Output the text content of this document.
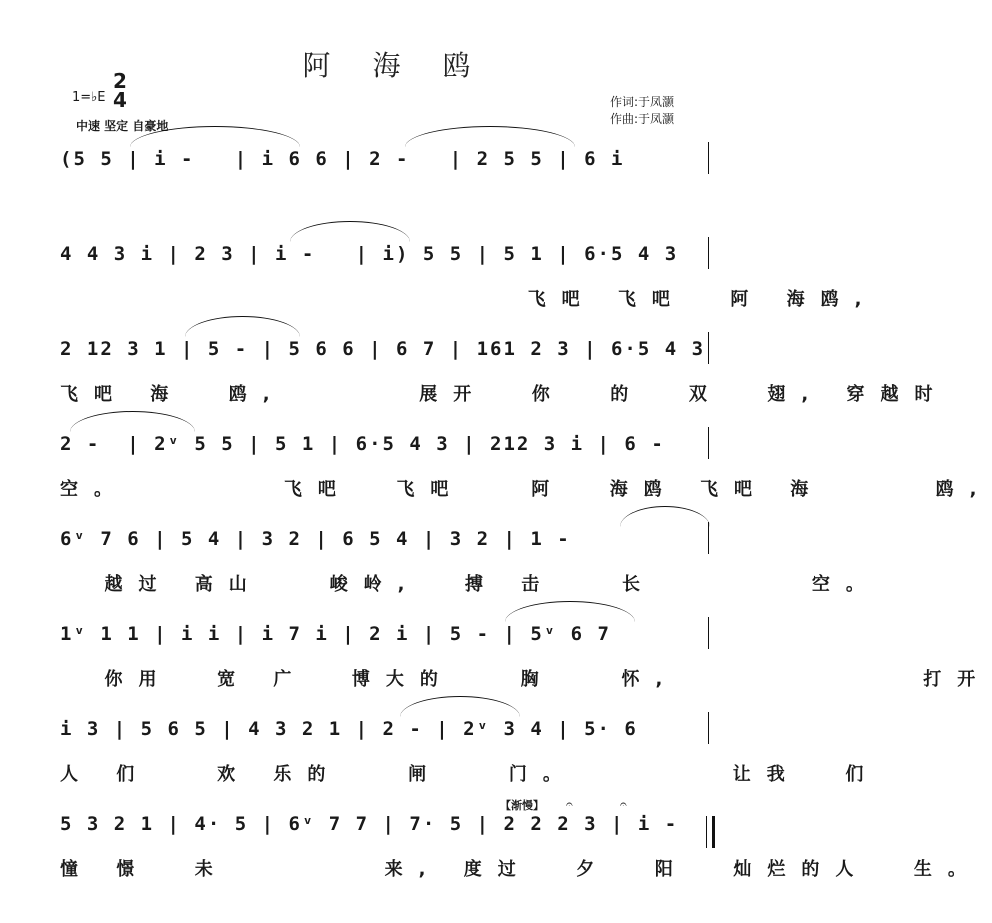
阿海鸥
1=♭E
2
4
中速 坚定 自豪地
作词:于凤灏
作曲:于凤灏
(5 5 | i -   | i 6 6 | 2 -   | 2 5 5 | 6 i
4 4 3 i | 2 3 | i -   | i) 5 5 | 5 1 | 6·5 4 3
飞吧 飞吧  阿 海鸥,
2 12 3 1 | 5 - | 5 6 6 | 6 7 | 161 2 3 | 6·5 4 3
飞吧 海  鸥,      展开  你  的  双  翅, 穿越时
2 -  | 2ᵛ 5 5 | 5 1 | 6·5 4 3 | 212 3 i | 6 -
空。       飞吧  飞吧   阿  海鸥 飞吧 海     鸥,
6ᵛ 7 6 | 5 4 | 3 2 | 6 5 4 | 3 2 | 1 -
越过 高山   峻岭,  搏 击   长       空。
1ᵛ 1 1 | i i | i 7 i | 2 i | 5 - | 5ᵛ 6 7
你用  宽 广  博大的   胸   怀,           打开
i 3 | 5 6 5 | 4 3 2 1 | 2 - | 2ᵛ 3 4 | 5· 6
人 们   欢 乐的   闸   门。       让我  们
5 3 2 1 | 4· 5 | 6ᵛ 7 7 | 7· 5 | 2 2 2 3 | i -
憧 憬  未       来, 度过  夕  阳  灿烂的人  生。
【渐慢】 𝄐	𝄐
